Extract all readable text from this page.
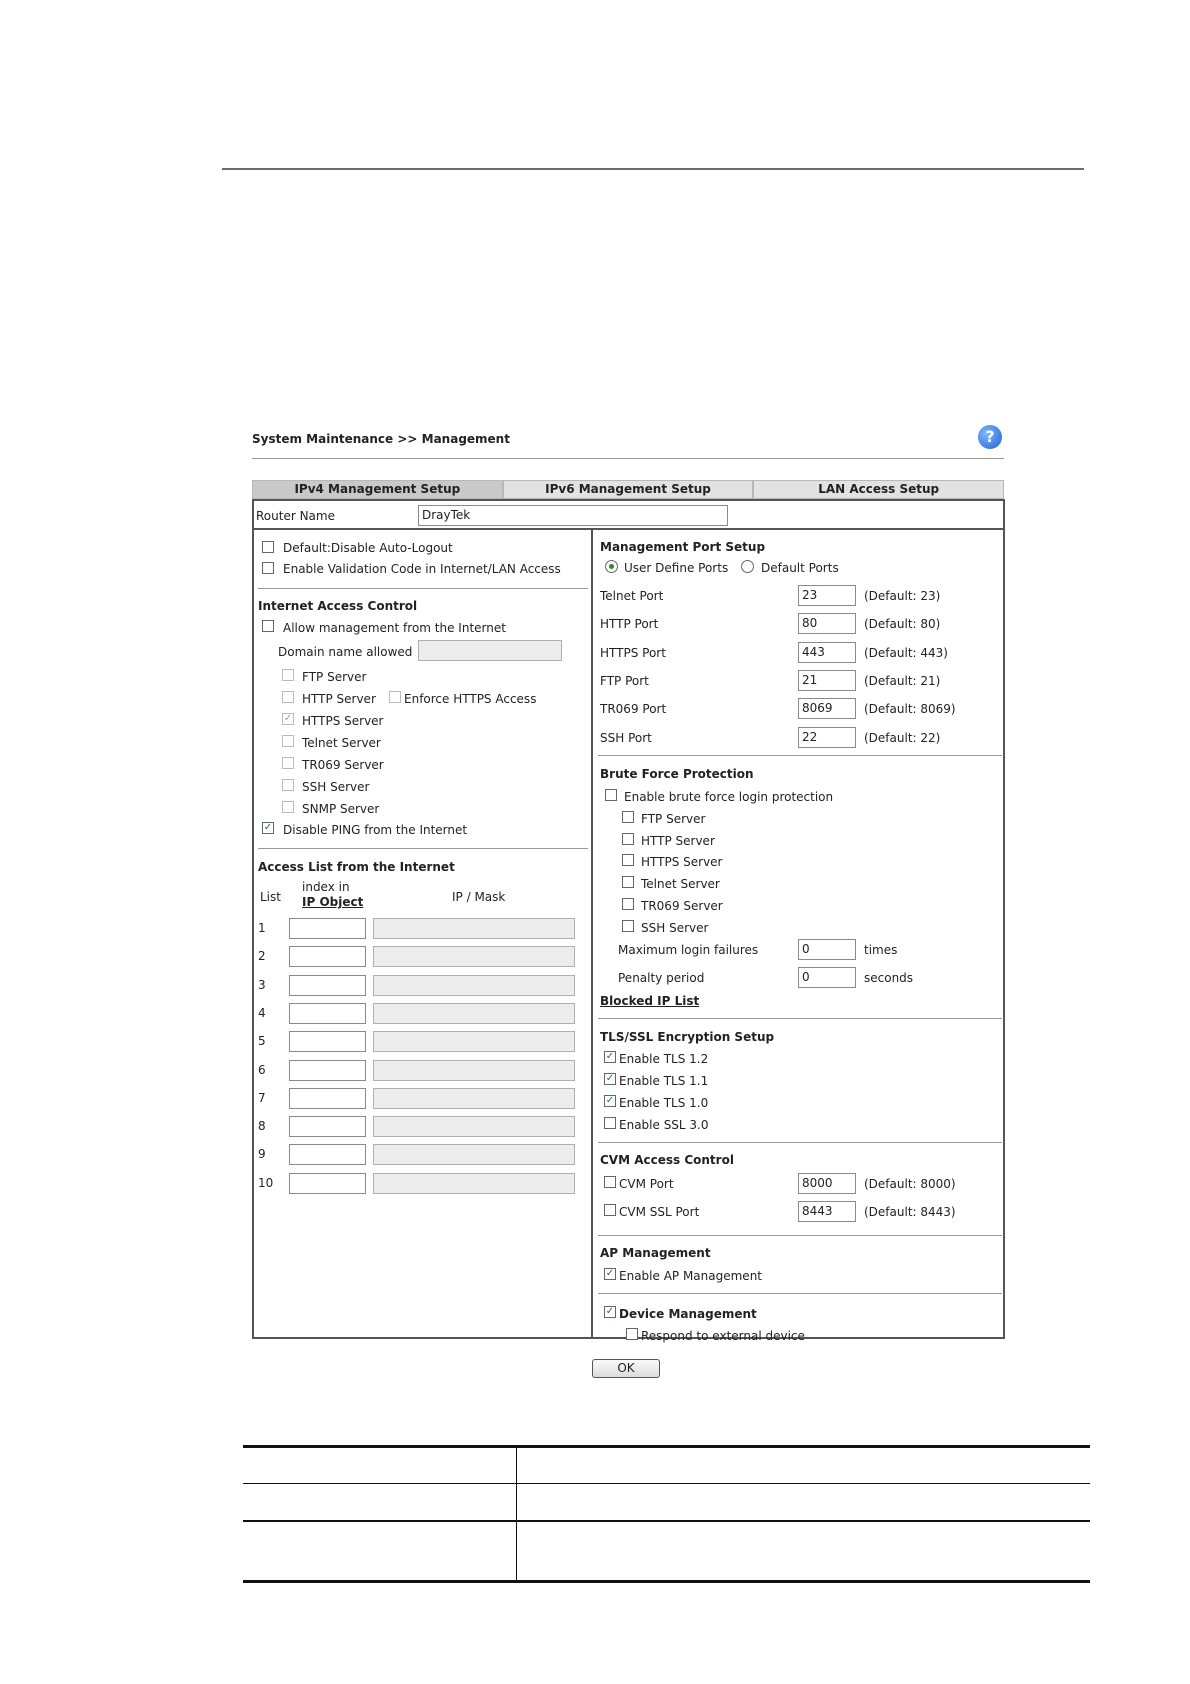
System Maintenance >> Management	?
IPv4 Management Setup	IPv6 Management Setup	LAN Access Setup
Router Name	DrayTek
Default:Disable Auto-Logout
Enable Validation Code in Internet/LAN Access
Internet Access Control
Allow management from the Internet
Domain name allowed
FTP Server
HTTP Server Enforce HTTPS Access
✓ HTTPS Server
Telnet Server
TR069 Server
SSH Server
SNMP Server
✓ Disable PING from the Internet
Access List from the Internet
List
index in
IP Object	IP / Mask
1
2
3
4
5
6
7
8
9
10
Management Port Setup
User Define Ports	Default Ports
Telnet Port	23	(Default: 23)
HTTP Port	80	(Default: 80)
HTTPS Port	443	(Default: 443)
FTP Port	21	(Default: 21)
TR069 Port	8069	(Default: 8069)
SSH Port	22	(Default: 22)
Brute Force Protection
Enable brute force login protection
FTP Server
HTTP Server
HTTPS Server
Telnet Server
TR069 Server
SSH Server
Maximum login failures	0	times
Penalty period	0	seconds
Blocked IP List
TLS/SSL Encryption Setup
✓ Enable TLS 1.2
✓ Enable TLS 1.1
✓ Enable TLS 1.0
Enable SSL 3.0
CVM Access Control
CVM Port	8000	(Default: 8000)
CVM SSL Port	8443	(Default: 8443)
AP Management
✓ Enable AP Management
✓ Device Management
Respond to external device
OK
